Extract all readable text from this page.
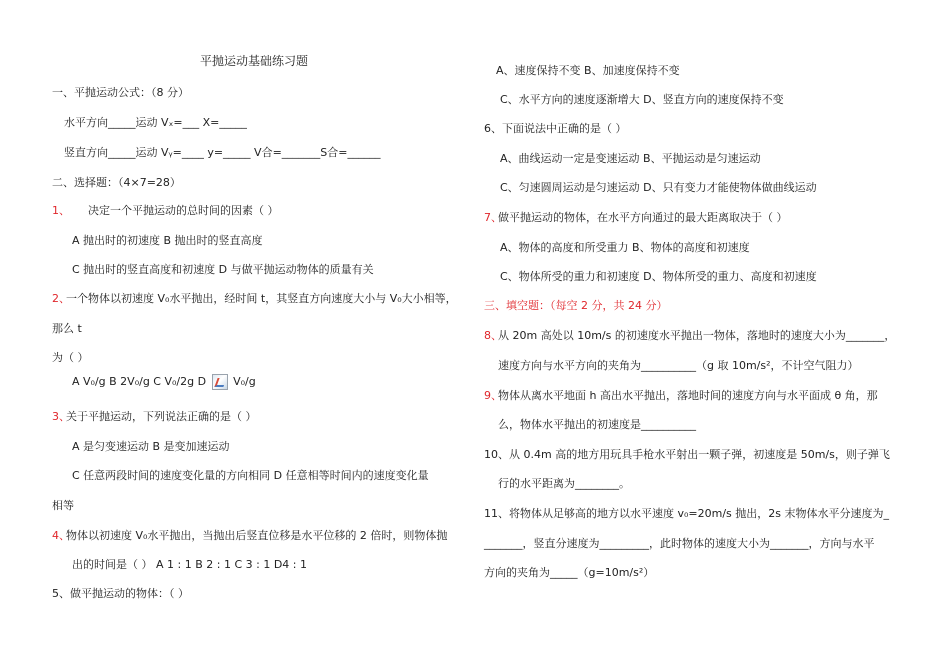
平抛运动基础练习题
一、平抛运动公式：（8 分）
水平方向_____运动 Vₓ=___ X=_____
竖直方向_____运动 Vᵧ=____ y=_____ V合=_______S合=______
二、选择题：（4×7=28）
1、 决定一个平抛运动的总时间的因素（ ）
A 抛出时的初速度 B 抛出时的竖直高度
C 抛出时的竖直高度和初速度 D 与做平抛运动物体的质量有关
2、
一个物体以初速度 V₀水平抛出，经时间 t，其竖直方向速度大小与 V₀大小相等，
那么 t
为（ ）
A V₀/g B 2V₀/g C V₀/2g D V₀/g
3、
关于平抛运动，下列说法正确的是（ ）
A 是匀变速运动 B 是变加速运动
C 任意两段时间的速度变化量的方向相同 D 任意相等时间内的速度变化量
相等
4、
物体以初速度 V₀水平抛出，当抛出后竖直位移是水平位移的 2 倍时，则物体抛
出的时间是（ ） A 1 : 1 B 2 : 1 C 3 : 1 D4 : 1
5、做平抛运动的物体：（ ）
A、速度保持不变 B、加速度保持不变
C、水平方向的速度逐渐增大 D、竖直方向的速度保持不变
6、下面说法中正确的是（ ）
A、曲线运动一定是变速运动 B、平抛运动是匀速运动
C、匀速圆周运动是匀速运动 D、只有变力才能使物体做曲线运动
7、
做平抛运动的物体，在水平方向通过的最大距离取决于（ ）
A、物体的高度和所受重力 B、物体的高度和初速度
C、物体所受的重力和初速度 D、物体所受的重力、高度和初速度
三、填空题：（每空 2 分，共 24 分）
8、
从 20m 高处以 10m/s 的初速度水平抛出一物体，落地时的速度大小为_______，
速度方向与水平方向的夹角为__________（g 取 10m/s²，不计空气阻力）
9、
物体从离水平地面 h 高出水平抛出，落地时间的速度方向与水平面成 θ 角，那
么，物体水平抛出的初速度是__________
10、从 0.4m 高的地方用玩具手枪水平射出一颗子弹，初速度是 50m/s，则子弹飞
行的水平距离为________。
11、将物体从足够高的地方以水平速度 v₀=20m/s 抛出，2s 末物体水平分速度为_
_______，竖直分速度为_________，此时物体的速度大小为_______，方向与水平
方向的夹角为_____（g=10m/s²）
